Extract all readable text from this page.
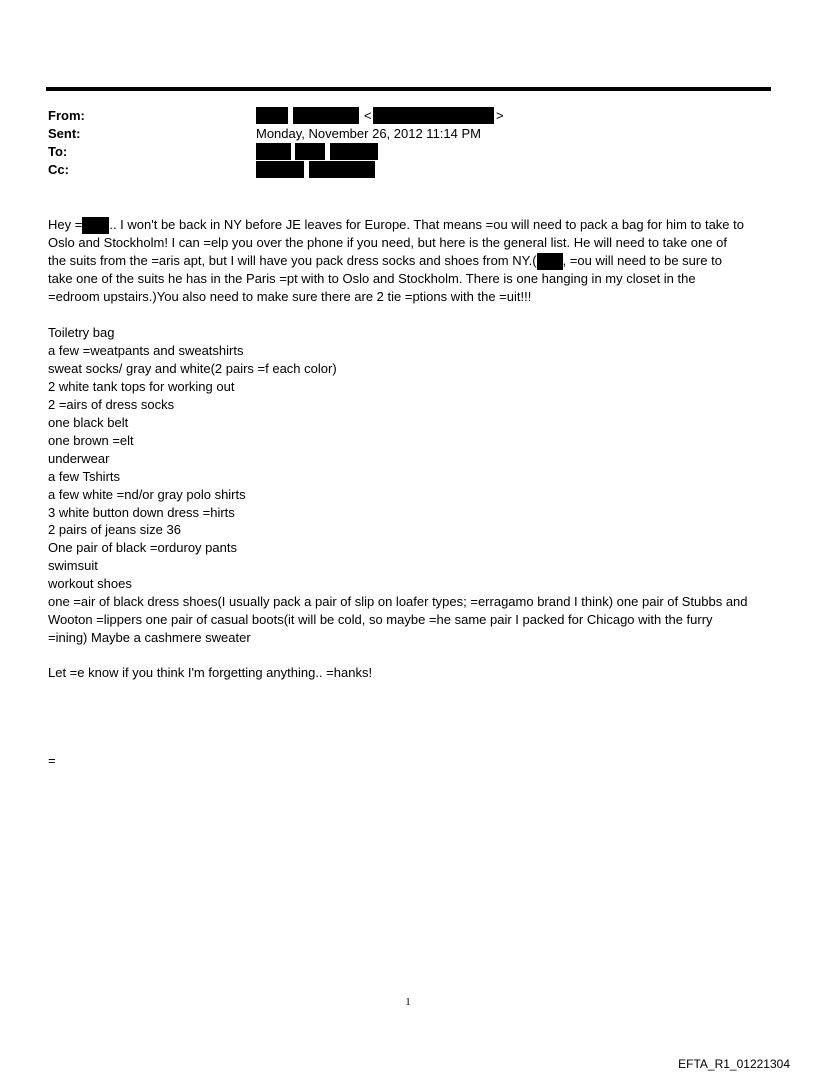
From:
Sent:
To:
Cc:
<	>
Monday, November 26, 2012 11:14 PM
Hey = .. I won't be back in NY before JE leaves for Europe. That means =ou will need to pack a bag for him to take to
Oslo and Stockholm! I can =elp you over the phone if you need, but here is the general list. He will need to take one of
the suits from the =aris apt, but I will have you pack dress socks and shoes from NY.( , =ou will need to be sure to
take one of the suits he has in the Paris =pt with to Oslo and Stockholm. There is one hanging in my closet in the
=edroom upstairs.)You also need to make sure there are 2 tie =ptions with the =uit!!!
Toiletry bag
a few =weatpants and sweatshirts
sweat socks/ gray and white(2 pairs =f each color)
2 white tank tops for working out
2 =airs of dress socks
one black belt
one brown =elt
underwear
a few Tshirts
a few white =nd/or gray polo shirts
3 white button down dress =hirts
2 pairs of jeans size 36
One pair of black =orduroy pants
swimsuit
workout shoes
one =air of black dress shoes(I usually pack a pair of slip on loafer types; =erragamo brand I think) one pair of Stubbs and
Wooton =lippers one pair of casual boots(it will be cold, so maybe =he same pair I packed for Chicago with the furry
=ining) Maybe a cashmere sweater
Let =e know if you think I'm forgetting anything.. =hanks!
=
1
EFTA_R1_01221304
